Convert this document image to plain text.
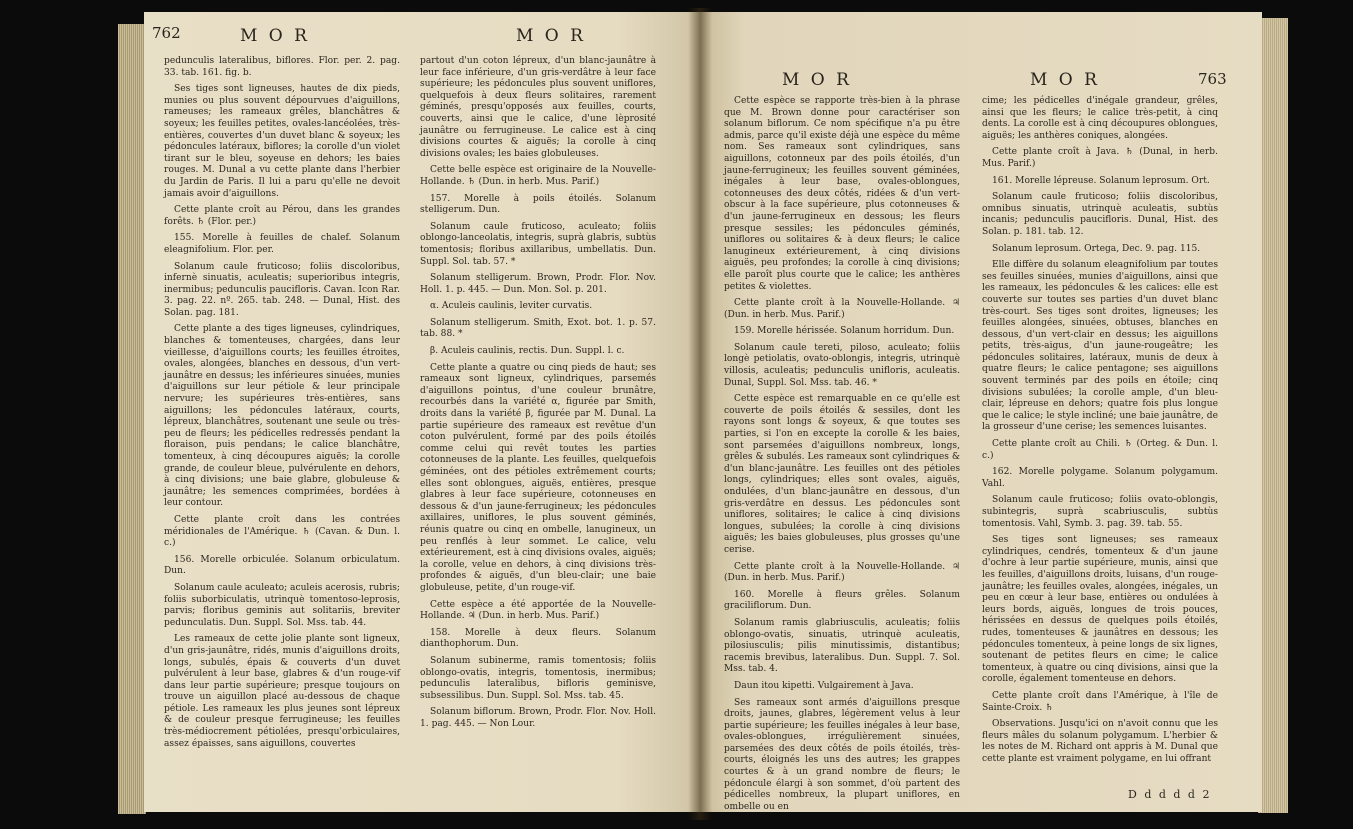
762	M O R	M O R

pedunculis lateralibus, biflores. Flor. per. 2. pag. 33. tab. 161. fig. b.

Ses tiges sont ligneuses, hautes de dix pieds, munies ou plus souvent dépourvues d'aiguillons, rameuses; les rameaux grêles, blanchâtres & soyeux; les feuilles petites, ovales-lancéolées, très-entières, couvertes d'un duvet blanc & soyeux; les pédoncules latéraux, biflores; la corolle d'un violet tirant sur le bleu, soyeuse en dehors; les baies rouges. M. Dunal a vu cette plante dans l'herbier du Jardin de Paris. Il lui a paru qu'elle ne devoit jamais avoir d'aiguillons.

Cette plante croît au Pérou, dans les grandes forêts. ♄ (Flor. per.)

155. Morelle à feuilles de chalef. Solanum eleagnifolium. Flor. per.

Solanum caule fruticoso; foliis discoloribus, infernè sinuatis, aculeatis; superioribus integris, inermibus; pedunculis paucifloris. Cavan. Icon Rar. 3. pag. 22. nº. 265. tab. 248. — Dunal, Hist. des Solan. pag. 181.

Cette plante a des tiges ligneuses, cylindriques, blanches & tomenteuses, chargées, dans leur vieillesse, d'aiguillons courts; les feuilles étroites, ovales, alongées, blanches en dessous, d'un vert-jaunâtre en dessus; les inférieures sinuées, munies d'aiguillons sur leur pétiole & leur principale nervure; les supérieures très-entières, sans aiguillons; les pédoncules latéraux, courts, lépreux, blanchâtres, soutenant une seule ou très-peu de fleurs; les pédicelles redressés pendant la floraison, puis pendans; le calice blanchâtre, tomenteux, à cinq découpures aiguës; la corolle grande, de couleur bleue, pulvérulente en dehors, à cinq divisions; une baie glabre, globuleuse & jaunâtre; les semences comprimées, bordées à leur contour.

Cette plante croît dans les contrées méridionales de l'Amérique. ♄ (Cavan. & Dun. l. c.)

156. Morelle orbiculée. Solanum orbiculatum. Dun.

Solanum caule aculeato; aculeis acerosis, rubris; foliis suborbiculatis, utrinquè tomentoso-leprosis, parvis; floribus geminis aut solitariis, breviter pedunculatis. Dun. Suppl. Sol. Mss. tab. 44.

Les rameaux de cette jolie plante sont ligneux, d'un gris-jaunâtre, ridés, munis d'aiguillons droits, longs, subulés, épais & couverts d'un duvet pulvérulent à leur base, glabres & d'un rouge-vif dans leur partie supérieure; presque toujours on trouve un aiguillon placé au-dessous de chaque pétiole. Les rameaux les plus jeunes sont lépreux & de couleur presque ferrugineuse; les feuilles très-médiocrement pétiolées, presqu'orbiculaires, assez épaisses, sans aiguillons, couvertes

partout d'un coton lépreux, d'un blanc-jaunâtre à leur face inférieure, d'un gris-verdâtre à leur face supérieure; les pédoncules plus souvent uniflores, quelquefois à deux fleurs solitaires, rarement géminés, presqu'opposés aux feuilles, courts, couverts, ainsi que le calice, d'une lèprosité jaunâtre ou ferrugineuse. Le calice est à cinq divisions courtes & aiguës; la corolle à cinq divisions ovales; les baies globuleuses.

Cette belle espèce est originaire de la Nouvelle-Hollande. ♄ (Dun. in herb. Mus. Parif.)

157. Morelle à poils étoilés. Solanum stelligerum. Dun.

Solanum caule fruticoso, aculeato; foliis oblongo-lanceolatis, integris, suprà glabris, subtùs tomentosis; floribus axillaribus, umbellatis. Dun. Suppl. Sol. tab. 57. *

Solanum stelligerum. Brown, Prodr. Flor. Nov. Holl. 1. p. 445. — Dun. Mon. Sol. p. 201.

α. Aculeis caulinis, leviter curvatis.

Solanum stelligerum. Smith, Exot. bot. 1. p. 57. tab. 88. *

β. Aculeis caulinis, rectis. Dun. Suppl. l. c.

Cette plante a quatre ou cinq pieds de haut; ses rameaux sont ligneux, cylindriques, parsemés d'aiguillons pointus, d'une couleur brunâtre, recourbés dans la variété α, figurée par Smith, droits dans la variété β, figurée par M. Dunal. La partie supérieure des rameaux est revêtue d'un coton pulvérulent, formé par des poils étoilés comme celui qui revêt toutes les parties cotonneuses de la plante. Les feuilles, quelquefois géminées, ont des pétioles extrêmement courts; elles sont oblongues, aiguës, entières, presque glabres à leur face supérieure, cotonneuses en dessous & d'un jaune-ferrugineux; les pédoncules axillaires, uniflores, le plus souvent géminés, réunis quatre ou cinq en ombelle, lanugineux, un peu renflés à leur sommet. Le calice, velu extérieurement, est à cinq divisions ovales, aiguës; la corolle, velue en dehors, à cinq divisions très-profondes & aiguës, d'un bleu-clair; une baie globuleuse, petite, d'un rouge-vif.

Cette espèce a été apportée de la Nouvelle-Hollande. ♃ (Dun. in herb. Mus. Parif.)

158. Morelle à deux fleurs. Solanum dianthophorum. Dun.

Solanum subinerme, ramis tomentosis; foliis oblongo-ovatis, integris, tomentosis, inermibus; pedunculis lateralibus, bifloris geminisve, subsessilibus. Dun. Suppl. Sol. Mss. tab. 45.

Solanum biflorum. Brown, Prodr. Flor. Nov. Holl. 1. pag. 445. — Non Lour.

M O R	M O R	763

Cette espèce se rapporte très-bien à la phrase que M. Brown donne pour caractériser son solanum biflorum. Ce nom spécifique n'a pu être admis, parce qu'il existe déjà une espèce du même nom. Ses rameaux sont cylindriques, sans aiguillons, cotonneux par des poils étoilés, d'un jaune-ferrugineux; les feuilles souvent géminées, inégales à leur base, ovales-oblongues, cotonneuses des deux côtés, ridées & d'un vert-obscur à la face supérieure, plus cotonneuses & d'un jaune-ferrugineux en dessous; les fleurs presque sessiles; les pédoncules géminés, uniflores ou solitaires & à deux fleurs; le calice lanugineux extérieurement, à cinq divisions aiguës, peu profondes; la corolle à cinq divisions; elle paroît plus courte que le calice; les anthères petites & violettes.

Cette plante croît à la Nouvelle-Hollande. ♃ (Dun. in herb. Mus. Parif.)

159. Morelle hérissée. Solanum horridum. Dun.

Solanum caule tereti, piloso, aculeato; foliis longè petiolatis, ovato-oblongis, integris, utrinquè villosis, aculeatis; pedunculis unifloris, aculeatis. Dunal, Suppl. Sol. Mss. tab. 46. *

Cette espèce est remarquable en ce qu'elle est couverte de poils étoilés & sessiles, dont les rayons sont longs & soyeux, & que toutes ses parties, si l'on en excepte la corolle & les baies, sont parsemées d'aiguillons nombreux, longs, grêles & subulés. Les rameaux sont cylindriques & d'un blanc-jaunâtre. Les feuilles ont des pétioles longs, cylindriques; elles sont ovales, aiguës, ondulées, d'un blanc-jaunâtre en dessous, d'un gris-verdâtre en dessus. Les pédoncules sont uniflores, solitaires; le calice à cinq divisions longues, subulées; la corolle à cinq divisions aiguës; les baies globuleuses, plus grosses qu'une cerise.

Cette plante croît à la Nouvelle-Hollande. ♃ (Dun. in herb. Mus. Parif.)

160. Morelle à fleurs grêles. Solanum graciliflorum. Dun.

Solanum ramis glabriusculis, aculeatis; foliis oblongo-ovatis, sinuatis, utrinquè aculeatis, pilosiusculis; pilis minutissimis, distantibus; racemis brevibus, lateralibus. Dun. Suppl. 7. Sol. Mss. tab. 4.

Daun itou kipetti. Vulgairement à Java.

Ses rameaux sont armés d'aiguillons presque droits, jaunes, glabres, légèrement velus à leur partie supérieure; les feuilles inégales à leur base, ovales-oblongues, irrégulièrement sinuées, parsemées des deux côtés de poils étoilés, très-courts, éloignés les uns des autres; les grappes courtes & à un grand nombre de fleurs; le pédoncule élargi à son sommet, d'où partent des pédicelles nombreux, la plupart uniflores, en ombelle ou en

cime; les pédicelles d'inégale grandeur, grêles, ainsi que les fleurs; le calice très-petit, à cinq dents. La corolle est à cinq découpures oblongues, aiguës; les anthères coniques, alongées.

Cette plante croît à Java. ♄ (Dunal, in herb. Mus. Parif.)

161. Morelle lépreuse. Solanum leprosum. Ort.

Solanum caule fruticoso; foliis discoloribus, omnibus sinuatis, utrinquè aculeatis, subtùs incanis; pedunculis paucifloris. Dunal, Hist. des Solan. p. 181. tab. 12.

Solanum leprosum. Ortega, Dec. 9. pag. 115.

Elle diffère du solanum eleagnifolium par toutes ses feuilles sinuées, munies d'aiguillons, ainsi que les rameaux, les pédoncules & les calices: elle est couverte sur toutes ses parties d'un duvet blanc très-court. Ses tiges sont droites, ligneuses; les feuilles alongées, sinuées, obtuses, blanches en dessous, d'un vert-clair en dessus; les aiguillons petits, très-aigus, d'un jaune-rougeâtre; les pédoncules solitaires, latéraux, munis de deux à quatre fleurs; le calice pentagone; ses aiguillons souvent terminés par des poils en étoile; cinq divisions subulées; la corolle ample, d'un bleu-clair, lépreuse en dehors; quatre fois plus longue que le calice; le style incliné; une baie jaunâtre, de la grosseur d'une cerise; les semences luisantes.

Cette plante croît au Chili. ♄ (Orteg. & Dun. l. c.)

162. Morelle polygame. Solanum polygamum. Vahl.

Solanum caule fruticoso; foliis ovato-oblongis, subintegris, suprà scabriusculis, subtùs tomentosis. Vahl, Symb. 3. pag. 39. tab. 55.

Ses tiges sont ligneuses; ses rameaux cylindriques, cendrés, tomenteux & d'un jaune d'ochre à leur partie supérieure, munis, ainsi que les feuilles, d'aiguillons droits, luisans, d'un rouge-jaunâtre; les feuilles ovales, alongées, inégales, un peu en cœur à leur base, entières ou ondulées à leurs bords, aiguës, longues de trois pouces, hérissées en dessus de quelques poils étoilés, rudes, tomenteuses & jaunâtres en dessous; les pédoncules tomenteux, à peine longs de six lignes, soutenant de petites fleurs en cime; le calice tomenteux, à quatre ou cinq divisions, ainsi que la corolle, également tomenteuse en dehors.

Cette plante croît dans l'Amérique, à l'île de Sainte-Croix. ♄

Observations. Jusqu'ici on n'avoit connu que les fleurs mâles du solanum polygamum. L'herbier & les notes de M. Richard ont appris à M. Dunal que cette plante est vraiment polygame, en lui offrant

D d d d d 2
